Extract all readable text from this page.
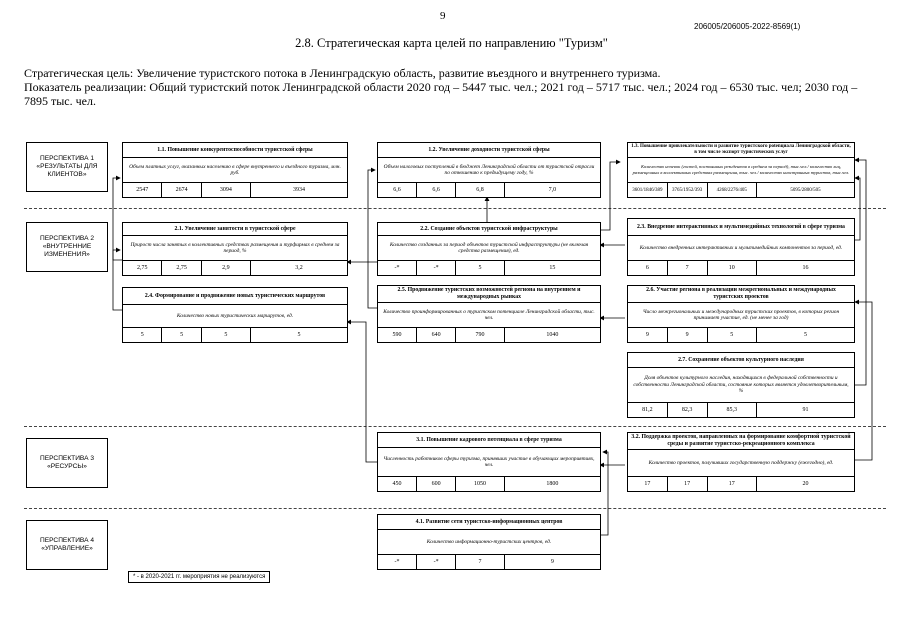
9
206005/206005-2022-8569(1)
2.8. Стратегическая карта целей по направлению "Туризм"
Стратегическая цель: Увеличение туристского потока в Ленинградскую область, развитие въездного и внутреннего туризма.
Показатель реализации: Общий туристский поток Ленинградской области 2020 год – 5447 тыс. чел.; 2021 год – 5717 тыс. чел.; 2024 год – 6530 тыс. чел; 2030 год – 7895 тыс. чел.
ПЕРСПЕКТИВА 1 «РЕЗУЛЬТАТЫ ДЛЯ КЛИЕНТОВ»
ПЕРСПЕКТИВА 2 «ВНУТРЕННИЕ ИЗМЕНЕНИЯ»
ПЕРСПЕКТИВА 3 «РЕСУРСЫ»
ПЕРСПЕКТИВА 4 «УПРАВЛЕНИЕ»
1.1. Повышение конкурентоспособности туристской сферы
Объем платных услуг, оказанных населению в сфере внутреннего и въездного туризма, млн. руб.
2547	2674	3094	3934
1.2. Увеличение доходности туристской сферы
Объем налоговых поступлений в бюджет Ленинградской области от туристской отрасли по отношению к предыдущему году, %
6,6	6,6	6,8	7,0
1.3. Повышение привлекательности и развитие туристского potenциала Ленинградской области, в том числе экспорт туристических услуг
Количество ночевок (гостей, постоянных резидентов в среднем за период), тыс.чел./ количество лиц, размещенных в коллективных средствах размещения, тыс. чел./ количество иностранных туристов, тыс.чел.
3601/1846/389	3765/1952/393	4268/2276/405	5095/2800/505
2.1. Увеличение занятости в туристской сфере
Прирост числа занятых в коллективных средствах размещения и турфирмах в среднем за период, %
2,75	2,75	2,9	3,2
2.2. Создание объектов туристской инфраструктуры
Количество созданных за период объектов туристской инфраструктуры (не включая средства размещения), ед.
-*	-*	5	15
2.3. Внедрение интерактивных и мультимедийных технологий в сфере туризма
Количество внедренных интерактивных и мультимедийных компонентов за период, ед.
6	7	10	16
2.4. Формирование и продвижение новых туристических маршрутов
Количество новых туристических маршрутов, ед.
5	5	5	5
2.5. Продвижение туристских возможностей региона на внутреннем и международных рынках
Количество проинформированных о туристском потенциале Ленинградской области, тыс. чел.
590	640	790	1040
2.6. Участие региона в реализации межрегиональных и международных туристских проектов
Число межрегиональных и международных туристских проектов, в которых регион принимает участие, ед. (не менее за год)
9	9	5	5
2.7. Сохранение объектов культурного наследия
Доля объектов культурного наследия, находящихся в федеральной собственности и собственности Ленинградской области, состояние которых является удовлетворительным, %
81,2	82,3	85,3	91
3.1. Повышение кадрового потенциала в сфере туризма
Численность работников сферы туризма, принявших участие в обучающих мероприятиях, чел.
450	600	1050	1800
3.2. Поддержка проектов, направленных на формирование комфортной туристской среды и развитие туристско-рекреационного комплекса
Количество проектов, получивших государственную поддержку (ежегодно), ед.
17	17	17	20
4.1. Развитие сети туристско-информационных центров
Количество информационно-туристских центров, ед.
-*	-*	7	9
* - в 2020-2021 гг. мероприятия не реализуются
